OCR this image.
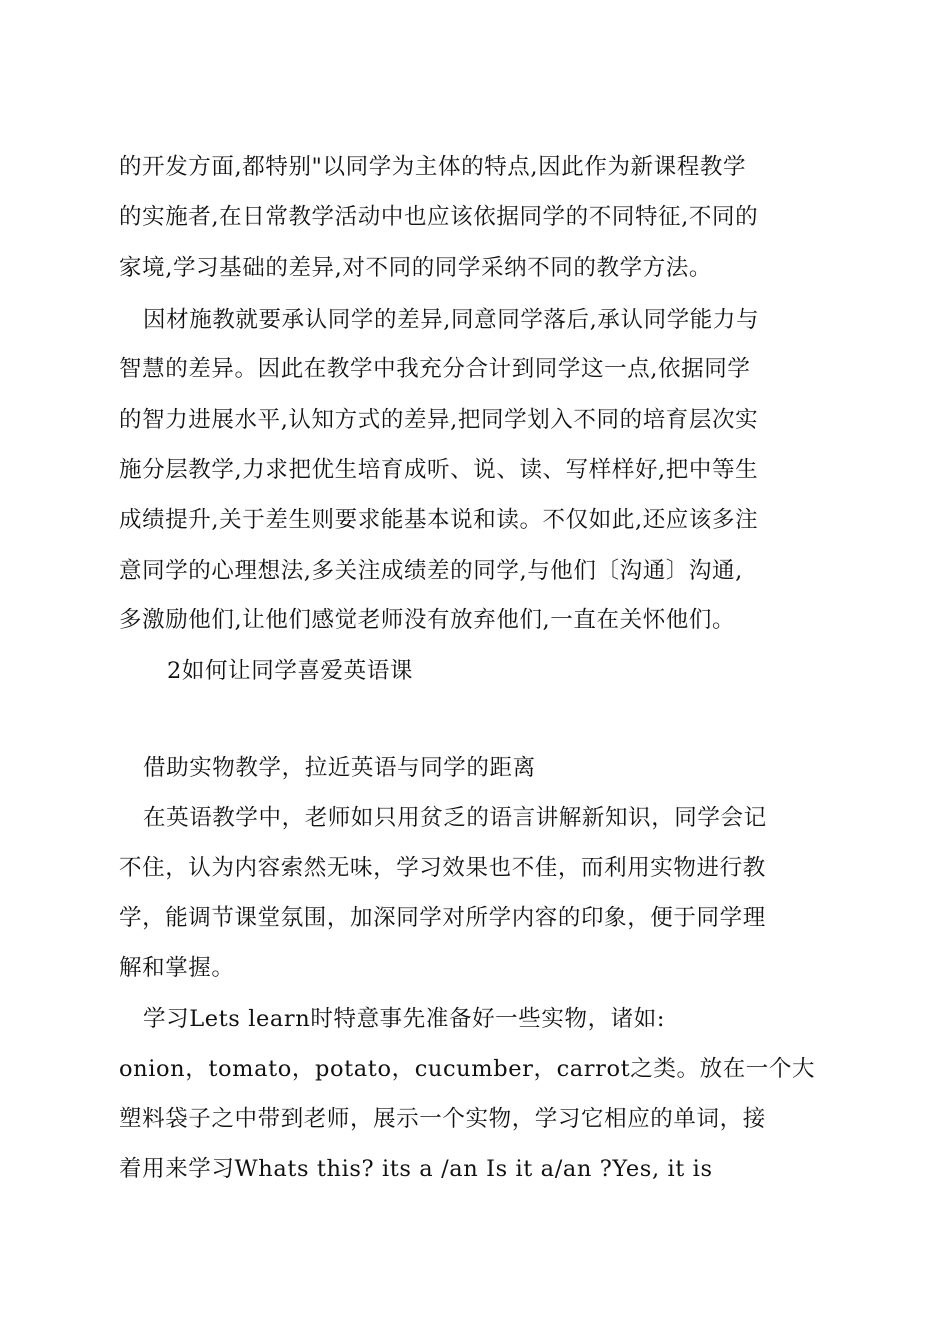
的开发方面,都特别"以同学为主体的特点,因此作为新课程教学
的实施者,在日常教学活动中也应该依据同学的不同特征,不同的
家境,学习基础的差异,对不同的同学采纳不同的教学方法。
因材施教就要承认同学的差异,同意同学落后,承认同学能力与
智慧的差异。因此在教学中我充分合计到同学这一点,依据同学
的智力进展水平,认知方式的差异,把同学划入不同的培育层次实
施分层教学,力求把优生培育成听、说、读、写样样好,把中等生
成绩提升,关于差生则要求能基本说和读。不仅如此,还应该多注
意同学的心理想法,多关注成绩差的同学,与他们〔沟通〕沟通,
多激励他们,让他们感觉老师没有放弃他们,一直在关怀他们。
2如何让同学喜爱英语课
借助实物教学，拉近英语与同学的距离
在英语教学中，老师如只用贫乏的语言讲解新知识，同学会记
不住，认为内容索然无味，学习效果也不佳，而利用实物进行教
学，能调节课堂氛围，加深同学对所学内容的印象，便于同学理
解和掌握。
学习Lets learn时特意事先准备好一些实物，诸如:
onion，tomato，potato，cucumber，carrot之类。放在一个大
塑料袋子之中带到老师，展示一个实物，学习它相应的单词，接
着用来学习Whats this? its a /an Is it a/an ?Yes, it is
